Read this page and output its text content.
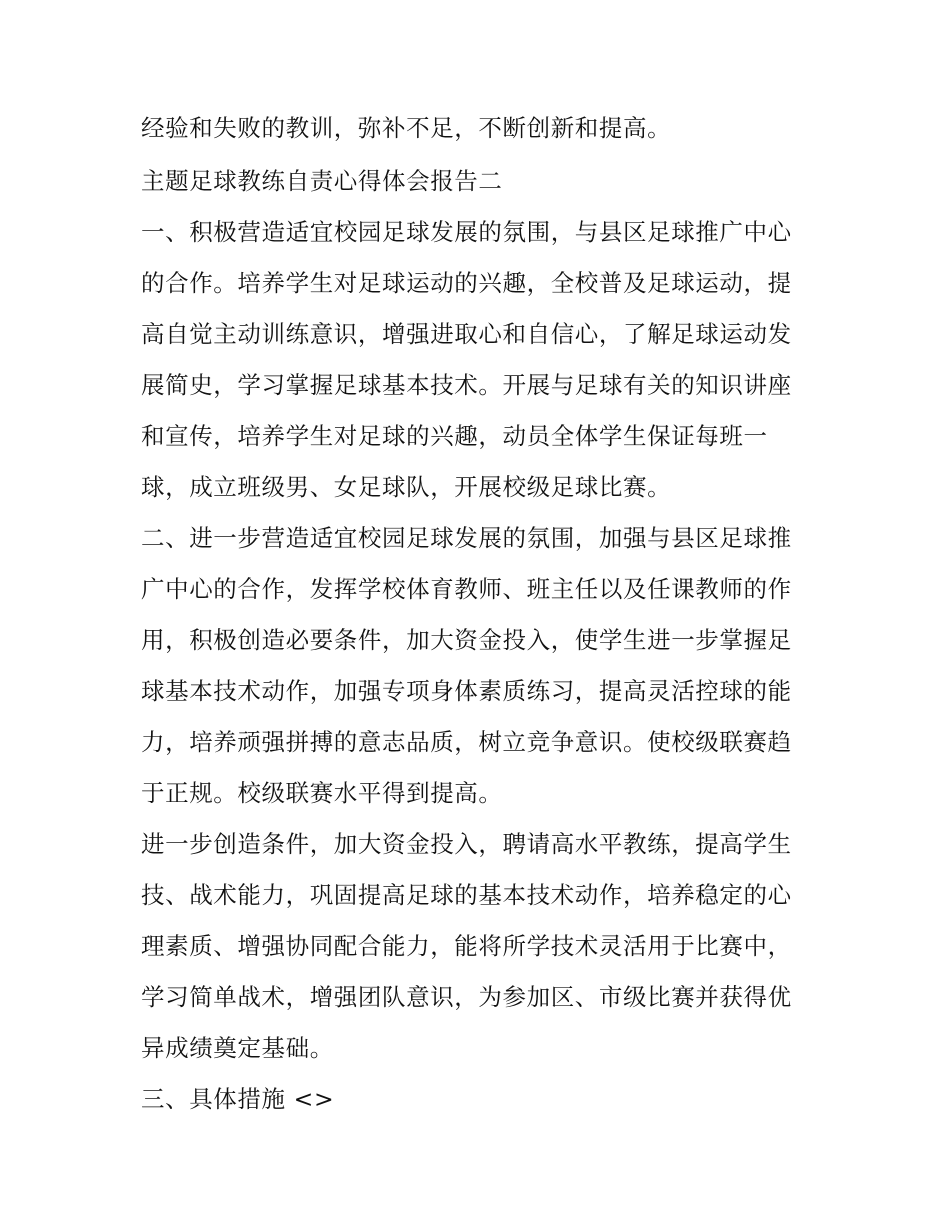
经验和失败的教训，弥补不足，不断创新和提高。
主题足球教练自责心得体会报告二
一、积极营造适宜校园足球发展的氛围，与县区足球推广中心
的合作。培养学生对足球运动的兴趣，全校普及足球运动，提
高自觉主动训练意识，增强进取心和自信心，了解足球运动发
展简史，学习掌握足球基本技术。开展与足球有关的知识讲座
和宣传，培养学生对足球的兴趣，动员全体学生保证每班一
球，成立班级男、女足球队，开展校级足球比赛。
二、进一步营造适宜校园足球发展的氛围，加强与县区足球推
广中心的合作，发挥学校体育教师、班主任以及任课教师的作
用，积极创造必要条件，加大资金投入，使学生进一步掌握足
球基本技术动作，加强专项身体素质练习，提高灵活控球的能
力，培养顽强拼搏的意志品质，树立竞争意识。使校级联赛趋
于正规。校级联赛水平得到提高。
进一步创造条件，加大资金投入，聘请高水平教练，提高学生
技、战术能力，巩固提高足球的基本技术动作，培养稳定的心
理素质、增强协同配合能力，能将所学技术灵活用于比赛中，
学习简单战术，增强团队意识，为参加区、市级比赛并获得优
异成绩奠定基础。
三、具体措施 <>
